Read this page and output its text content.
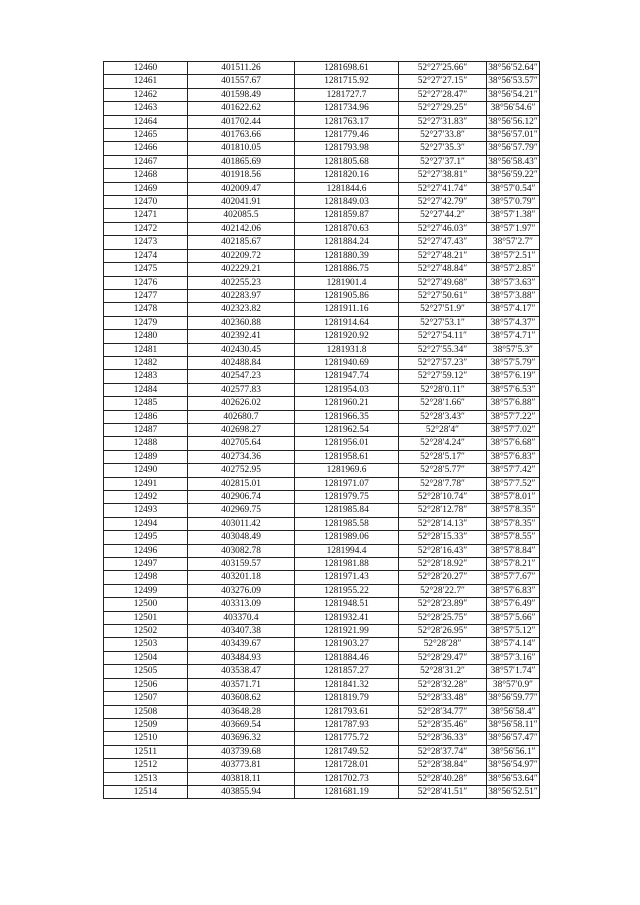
12460	401511.26	1281698.61	52°27′25.66″	38°56′52.64″
12461	401557.67	1281715.92	52°27′27.15″	38°56′53.57″
12462	401598.49	1281727.7	52°27′28.47″	38°56′54.21″
12463	401622.62	1281734.96	52°27′29.25″	38°56′54.6″
12464	401702.44	1281763.17	52°27′31.83″	38°56′56.12″
12465	401763.66	1281779.46	52°27′33.8″	38°56′57.01″
12466	401810.05	1281793.98	52°27′35.3″	38°56′57.79″
12467	401865.69	1281805.68	52°27′37.1″	38°56′58.43″
12468	401918.56	1281820.16	52°27′38.81″	38°56′59.22″
12469	402009.47	1281844.6	52°27′41.74″	38°57′0.54″
12470	402041.91	1281849.03	52°27′42.79″	38°57′0.79″
12471	402085.5	1281859.87	52°27′44.2″	38°57′1.38″
12472	402142.06	1281870.63	52°27′46.03″	38°57′1.97″
12473	402185.67	1281884.24	52°27′47.43″	38°57′2.7″
12474	402209.72	1281880.39	52°27′48.21″	38°57′2.51″
12475	402229.21	1281886.75	52°27′48.84″	38°57′2.85″
12476	402255.23	1281901.4	52°27′49.68″	38°57′3.63″
12477	402283.97	1281905.86	52°27′50.61″	38°57′3.88″
12478	402323.82	1281911.16	52°27′51.9″	38°57′4.17″
12479	402360.88	1281914.64	52°27′53.1″	38°57′4.37″
12480	402392.41	1281920.92	52°27′54.11″	38°57′4.71″
12481	402430.45	1281931.8	52°27′55.34″	38°57′5.3″
12482	402488.84	1281940.69	52°27′57.23″	38°57′5.79″
12483	402547.23	1281947.74	52°27′59.12″	38°57′6.19″
12484	402577.83	1281954.03	52°28′0.11″	38°57′6.53″
12485	402626.02	1281960.21	52°28′1.66″	38°57′6.88″
12486	402680.7	1281966.35	52°28′3.43″	38°57′7.22″
12487	402698.27	1281962.54	52°28′4″	38°57′7.02″
12488	402705.64	1281956.01	52°28′4.24″	38°57′6.68″
12489	402734.36	1281958.61	52°28′5.17″	38°57′6.83″
12490	402752.95	1281969.6	52°28′5.77″	38°57′7.42″
12491	402815.01	1281971.07	52°28′7.78″	38°57′7.52″
12492	402906.74	1281979.75	52°28′10.74″	38°57′8.01″
12493	402969.75	1281985.84	52°28′12.78″	38°57′8.35″
12494	403011.42	1281985.58	52°28′14.13″	38°57′8.35″
12495	403048.49	1281989.06	52°28′15.33″	38°57′8.55″
12496	403082.78	1281994.4	52°28′16.43″	38°57′8.84″
12497	403159.57	1281981.88	52°28′18.92″	38°57′8.21″
12498	403201.18	1281971.43	52°28′20.27″	38°57′7.67″
12499	403276.09	1281955.22	52°28′22.7″	38°57′6.83″
12500	403313.09	1281948.51	52°28′23.89″	38°57′6.49″
12501	403370.4	1281932.41	52°28′25.75″	38°57′5.66″
12502	403407.38	1281921.99	52°28′26.95″	38°57′5.12″
12503	403439.67	1281903.27	52°28′28″	38°57′4.14″
12504	403484.93	1281884.46	52°28′29.47″	38°57′3.16″
12505	403538.47	1281857.27	52°28′31.2″	38°57′1.74″
12506	403571.71	1281841.32	52°28′32.28″	38°57′0.9″
12507	403608.62	1281819.79	52°28′33.48″	38°56′59.77″
12508	403648.28	1281793.61	52°28′34.77″	38°56′58.4″
12509	403669.54	1281787.93	52°28′35.46″	38°56′58.11″
12510	403696.32	1281775.72	52°28′36.33″	38°56′57.47″
12511	403739.68	1281749.52	52°28′37.74″	38°56′56.1″
12512	403773.81	1281728.01	52°28′38.84″	38°56′54.97″
12513	403818.11	1281702.73	52°28′40.28″	38°56′53.64″
12514	403855.94	1281681.19	52°28′41.51″	38°56′52.51″
